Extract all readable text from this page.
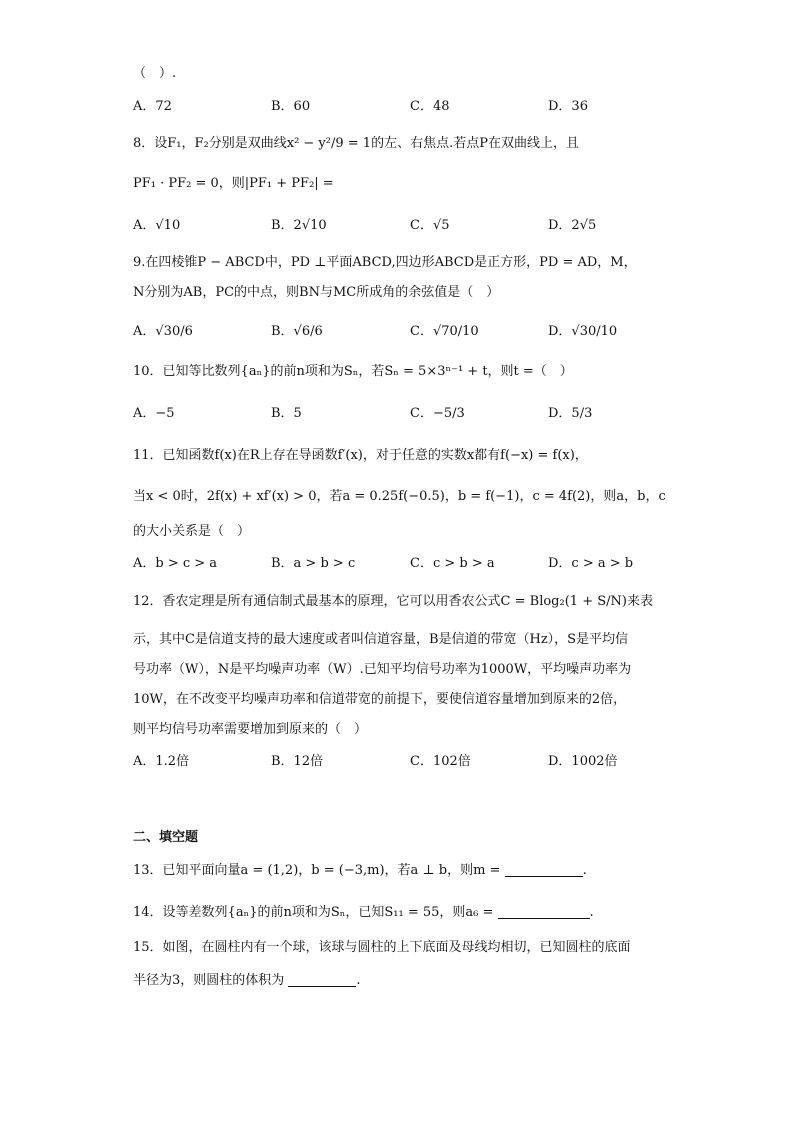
（　）.
A．72	B．60	C．48	D．36
8．设F₁，F₂分别是双曲线x² − y²/9 = 1的左、右焦点.若点P在双曲线上，且
PF₁ · PF₂ = 0，则|PF₁ + PF₂| =
A．√10	B．2√10	C．√5	D．2√5
9.在四棱锥P − ABCD中，PD ⊥平面ABCD,四边形ABCD是正方形，PD = AD，M，
N分别为AB，PC的中点，则BN与MC所成角的余弦值是（　）
A．√30/6	B．√6/6	C．√70/10	D．√30/10
10．已知等比数列{aₙ}的前n项和为Sₙ，若Sₙ = 5×3ⁿ⁻¹ + t，则t =（　）
A．−5	B．5	C．−5/3	D．5/3
11．已知函数f(x)在R上存在导函数f′(x)，对于任意的实数x都有f(−x) = f(x)，
当x < 0时，2f(x) + xf′(x) > 0，若a = 0.25f(−0.5)，b = f(−1)，c = 4f(2)，则a，b，c
的大小关系是（　）
A．b > c > a	B．a > b > c	C．c > b > a	D．c > a > b
12．香农定理是所有通信制式最基本的原理，它可以用香农公式C = Blog₂(1 + S/N)来表
示，其中C是信道支持的最大速度或者叫信道容量，B是信道的带宽（Hz），S是平均信
号功率（W），N是平均噪声功率（W）.已知平均信号功率为1000W，平均噪声功率为
10W，在不改变平均噪声功率和信道带宽的前提下，要使信道容量增加到原来的2倍，
则平均信号功率需要增加到原来的（　）
A．1.2倍	B．12倍	C．102倍	D．1002倍
二、填空题
13．已知平面向量a = (1,2)，b = (−3,m)，若a ⊥ b，则m =	.
14．设等差数列{aₙ}的前n项和为Sₙ，已知S₁₁ = 55，则a₆ =	.
15．如图，在圆柱内有一个球，该球与圆柱的上下底面及母线均相切，已知圆柱的底面
半径为3，则圆柱的体积为	.
